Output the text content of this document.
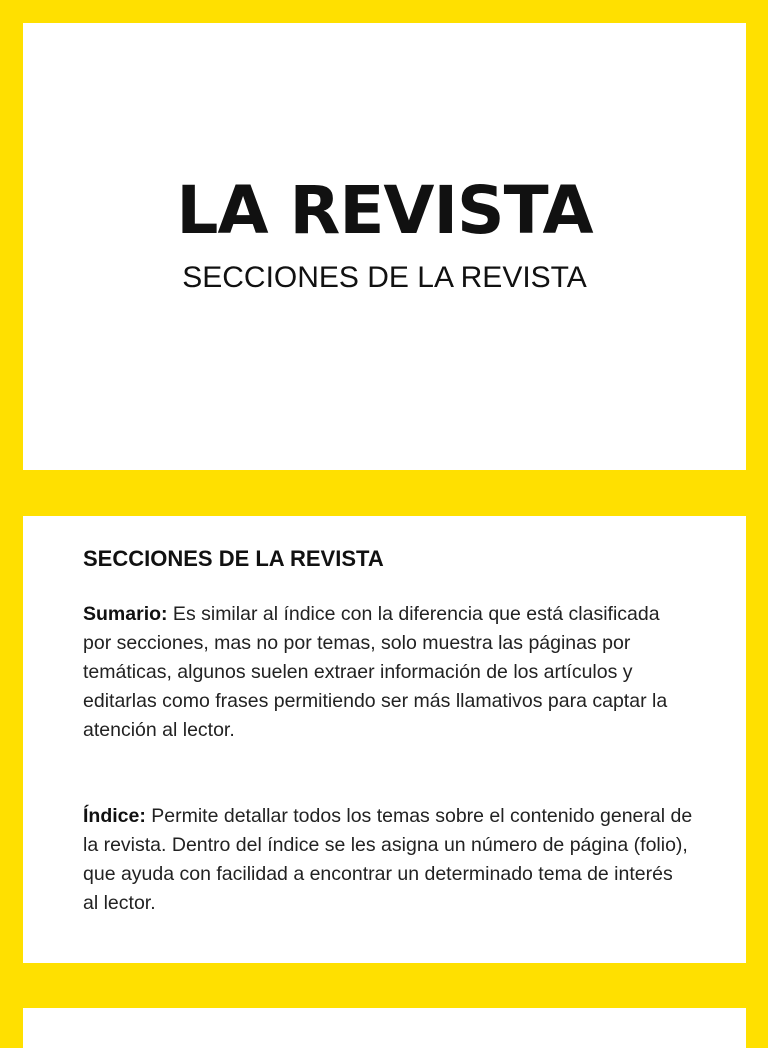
LA REVISTA
SECCIONES DE LA REVISTA
SECCIONES DE LA REVISTA

Sumario: Es similar al índice con la diferencia que está clasificada por secciones, mas no por temas, solo muestra las páginas por temáticas, algunos suelen extraer información de los artículos y editarlas como frases permitiendo ser más llamativos para captar la atención al lector.

Índice: Permite detallar todos los temas sobre el contenido general de la revista. Dentro del índice se les asigna un número de página (folio), que ayuda con facilidad a encontrar un determinado tema de interés al lector.
